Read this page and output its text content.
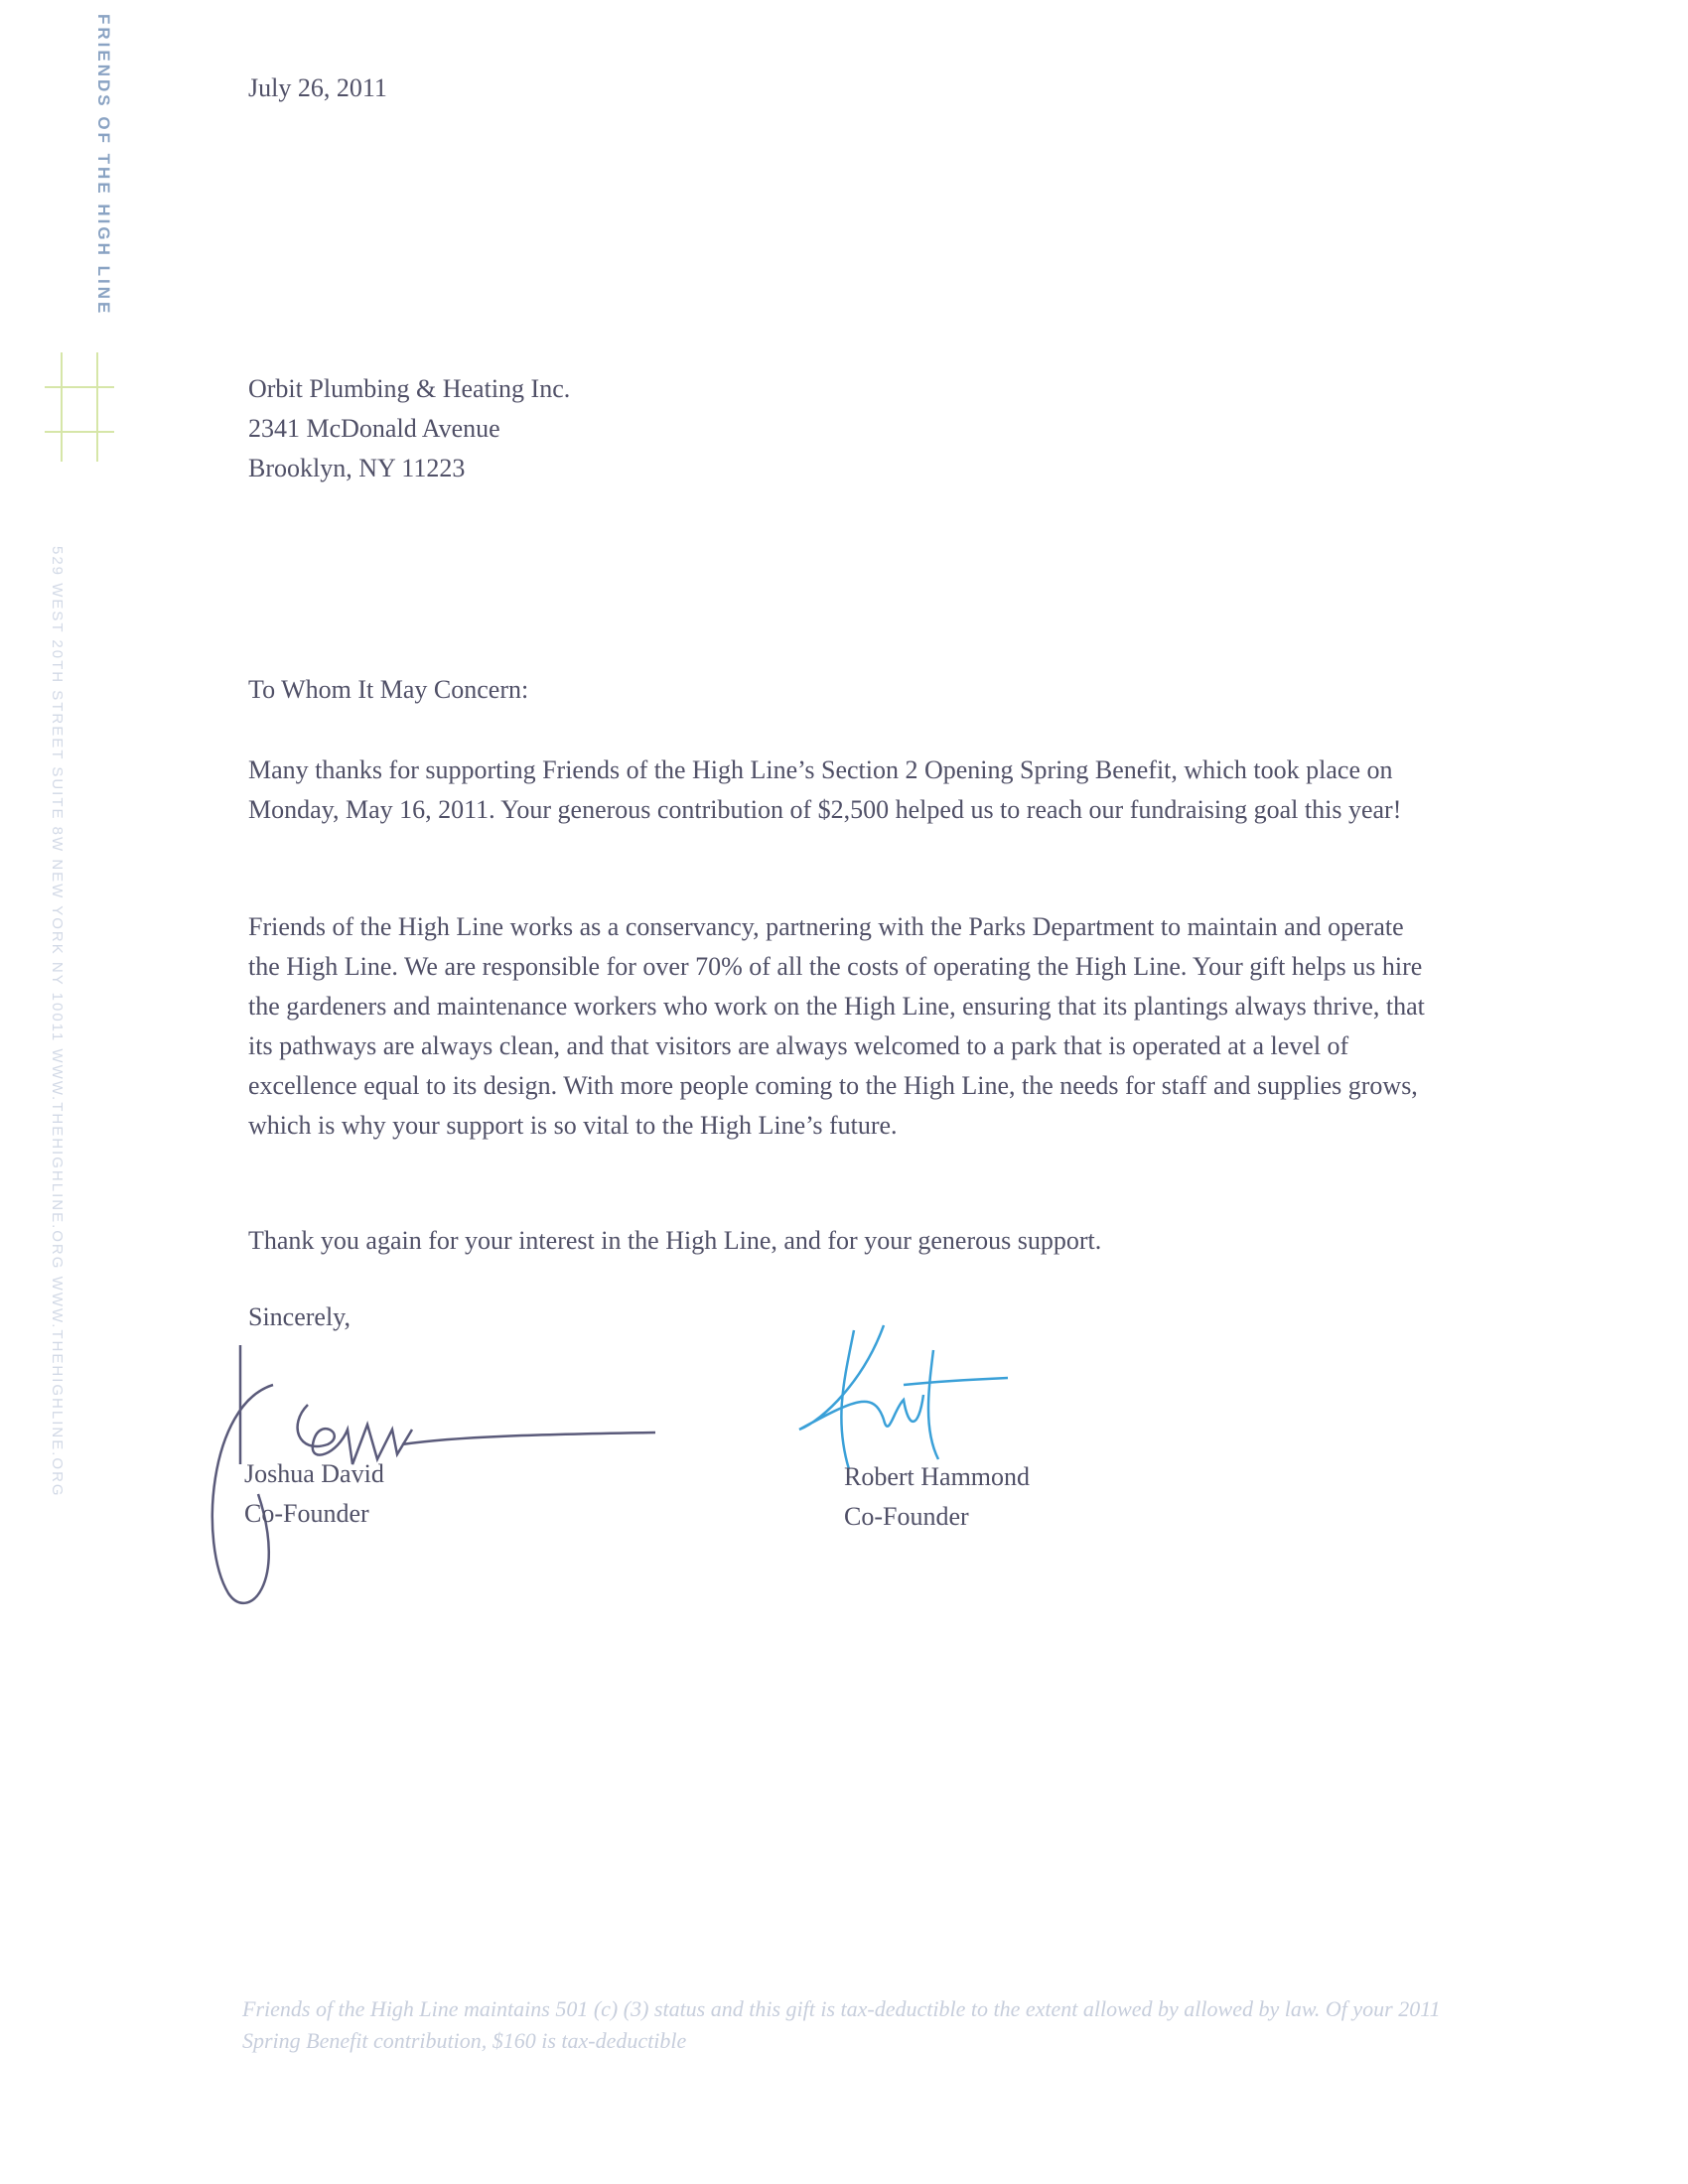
FRIENDS OF THE HIGH LINE
529 WEST 20TH STREET SUITE 8W NEW YORK NY 10011 WWW.THEHIGHLINE.ORG WWW.THEHIGHLINE.ORG
July 26, 2011
Orbit Plumbing & Heating Inc.
2341 McDonald Avenue
Brooklyn, NY 11223
To Whom It May Concern:
Many thanks for supporting Friends of the High Line’s Section 2 Opening Spring Benefit, which took place on Monday, May 16, 2011. Your generous contribution of $2,500 helped us to reach our fundraising goal this year!
Friends of the High Line works as a conservancy, partnering with the Parks Department to maintain and operate the High Line. We are responsible for over 70% of all the costs of operating the High Line. Your gift helps us hire the gardeners and maintenance workers who work on the High Line, ensuring that its plantings always thrive, that its pathways are always clean, and that visitors are always welcomed to a park that is operated at a level of excellence equal to its design. With more people coming to the High Line, the needs for staff and supplies grows, which is why your support is so vital to the High Line’s future.
Thank you again for your interest in the High Line, and for your generous support.
Sincerely,
Joshua David
Co-Founder
Robert Hammond
Co-Founder
Friends of the High Line maintains 501 (c) (3) status and this gift is tax-deductible to the extent allowed by allowed by law. Of your 2011 Spring Benefit contribution, $160 is tax-deductible
